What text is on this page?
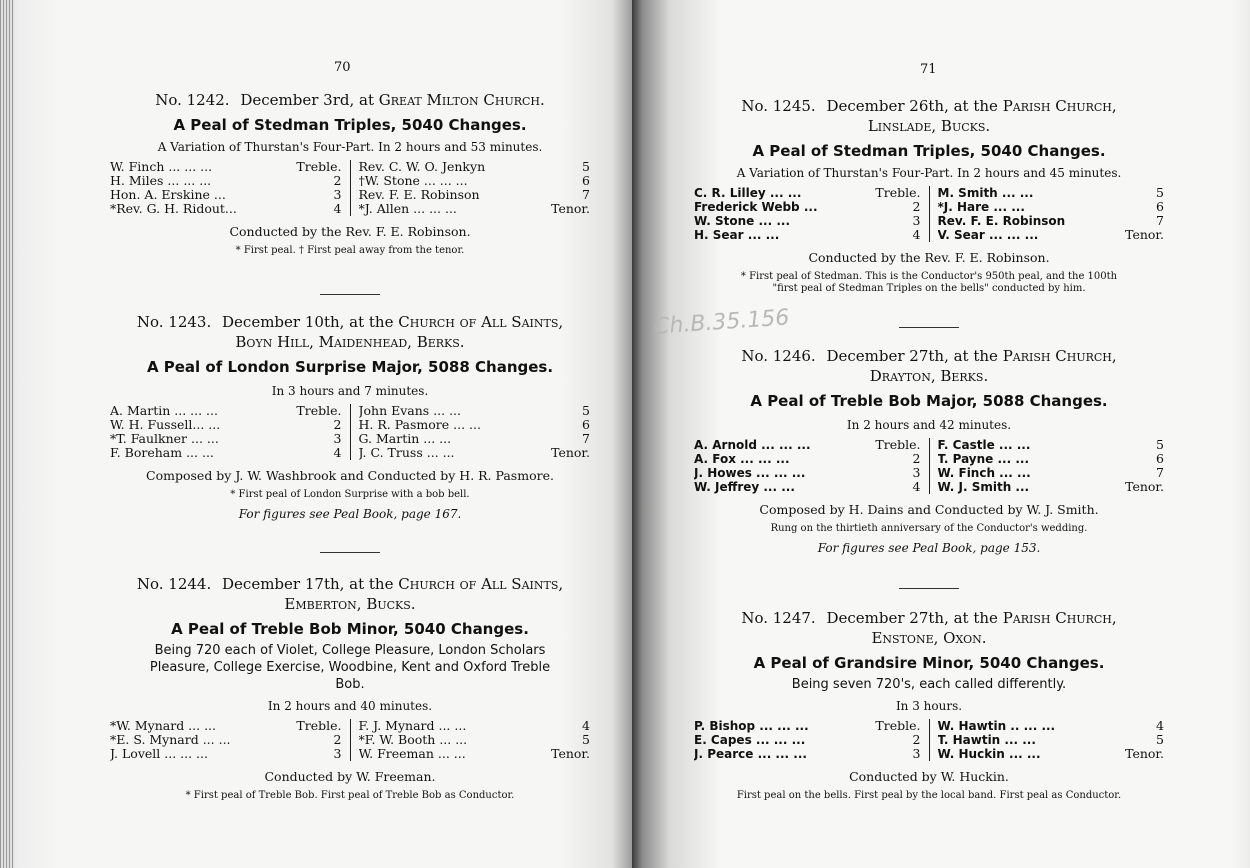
70
No. 1242. December 3rd, at Great Milton Church.
A Peal of Stedman Triples, 5040 Changes.
A Variation of Thurstan's Four-Part. In 2 hours and 53 minutes.
W. Finch ... ... ...	Treble.
H. Miles ... ... ...	2
Hon. A. Erskine ...	3
*Rev. G. H. Ridout...	4
Rev. C. W. O. Jenkyn	5
†W. Stone ... ... ...	6
Rev. F. E. Robinson	7
*J. Allen ... ... ...	Tenor.
Conducted by the Rev. F. E. Robinson.
* First peal. † First peal away from the tenor.
No. 1243. December 10th, at the Church of All Saints,
Boyn Hill, Maidenhead, Berks.
A Peal of London Surprise Major, 5088 Changes.
In 3 hours and 7 minutes.
A. Martin ... ... ...	Treble.
W. H. Fussell... ...	2
*T. Faulkner ... ...	3
F. Boreham ... ...	4
John Evans ... ...	5
H. R. Pasmore ... ...	6
G. Martin ... ...	7
J. C. Truss ... ...	Tenor.
Composed by J. W. Washbrook and Conducted by H. R. Pasmore.
* First peal of London Surprise with a bob bell.
For figures see Peal Book, page 167.
No. 1244. December 17th, at the Church of All Saints,
Emberton, Bucks.
A Peal of Treble Bob Minor, 5040 Changes.
Being 720 each of Violet, College Pleasure, London Scholars Pleasure, College Exercise, Woodbine, Kent and Oxford Treble Bob.
In 2 hours and 40 minutes.
*W. Mynard ... ...	Treble.
*E. S. Mynard ... ...	2
J. Lovell ... ... ...	3
F. J. Mynard ... ...	4
*F. W. Booth ... ...	5
W. Freeman ... ...	Tenor.
Conducted by W. Freeman.
* First peal of Treble Bob. First peal of Treble Bob as Conductor.
71
Ch.B.35.156
No. 1245. December 26th, at the Parish Church,
Linslade, Bucks.
A Peal of Stedman Triples, 5040 Changes.
A Variation of Thurstan's Four-Part. In 2 hours and 45 minutes.
C. R. Lilley ... ...	Treble.
Frederick Webb ...	2
W. Stone ... ...	3
H. Sear ... ...	4
M. Smith ... ...	5
*J. Hare ... ...	6
Rev. F. E. Robinson	7
V. Sear ... ... ...	Tenor.
Conducted by the Rev. F. E. Robinson.
* First peal of Stedman. This is the Conductor's 950th peal, and the 100th
"first peal of Stedman Triples on the bells" conducted by him.
No. 1246. December 27th, at the Parish Church,
Drayton, Berks.
A Peal of Treble Bob Major, 5088 Changes.
In 2 hours and 42 minutes.
A. Arnold ... ... ...	Treble.
A. Fox ... ... ...	2
J. Howes ... ... ...	3
W. Jeffrey ... ...	4
F. Castle ... ...	5
T. Payne ... ...	6
W. Finch ... ...	7
W. J. Smith ...	Tenor.
Composed by H. Dains and Conducted by W. J. Smith.
Rung on the thirtieth anniversary of the Conductor's wedding.
For figures see Peal Book, page 153.
No. 1247. December 27th, at the Parish Church,
Enstone, Oxon.
A Peal of Grandsire Minor, 5040 Changes.
Being seven 720's, each called differently.
In 3 hours.
P. Bishop ... ... ...	Treble.
E. Capes ... ... ...	2
J. Pearce ... ... ...	3
W. Hawtin .. ... ...	4
T. Hawtin ... ...	5
W. Huckin ... ...	Tenor.
Conducted by W. Huckin.
First peal on the bells. First peal by the local band. First peal as Conductor.
